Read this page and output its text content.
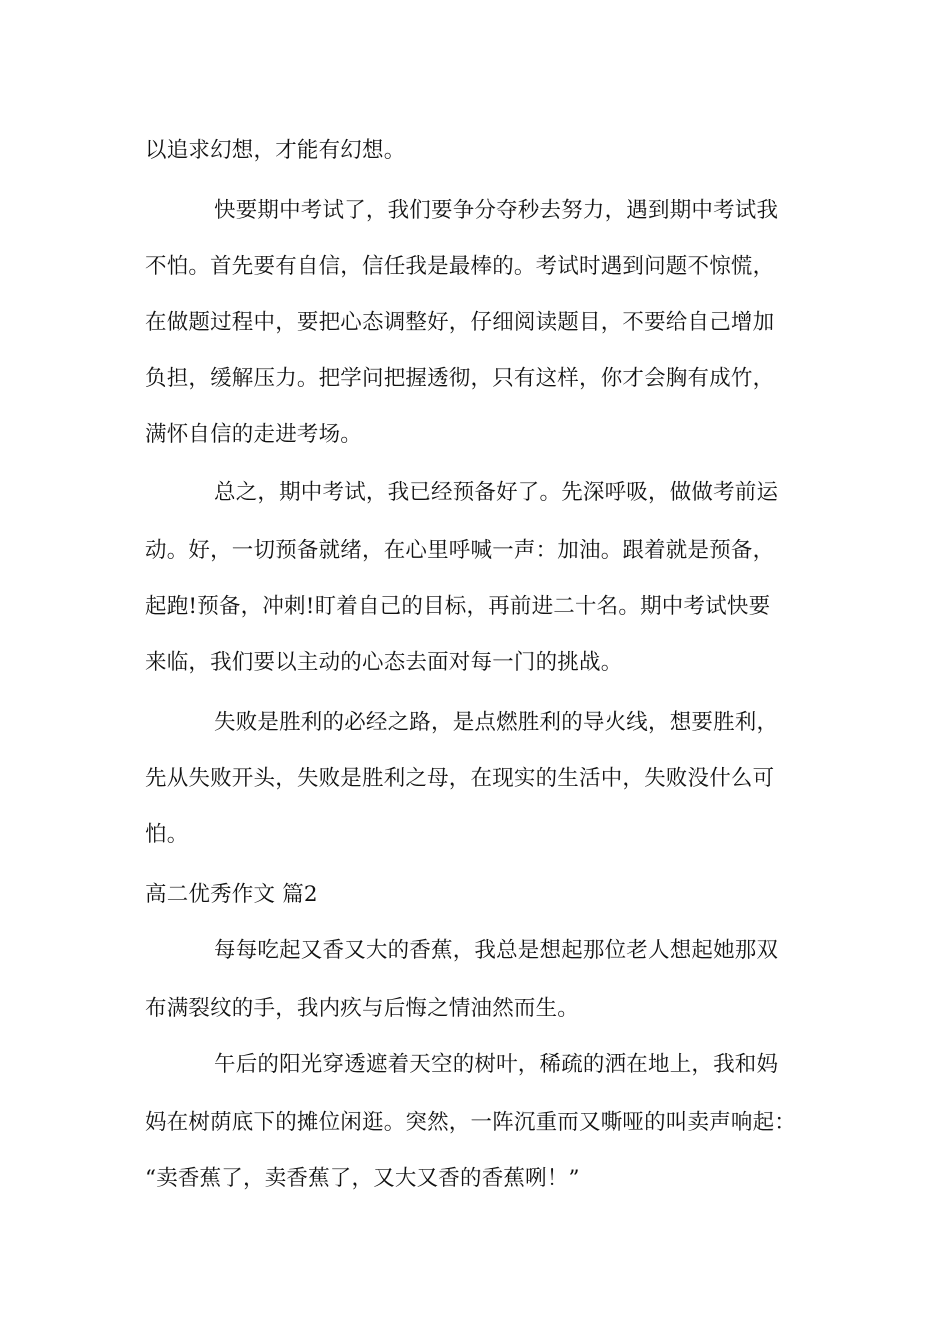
以追求幻想，才能有幻想。
快要期中考试了，我们要争分夺秒去努力，遇到期中考试我
不怕。首先要有自信，信任我是最棒的。考试时遇到问题不惊慌，
在做题过程中，要把心态调整好，仔细阅读题目，不要给自己增加
负担，缓解压力。把学问把握透彻，只有这样，你才会胸有成竹，
满怀自信的走进考场。
总之，期中考试，我已经预备好了。先深呼吸，做做考前运
动。好，一切预备就绪，在心里呼喊一声：加油。跟着就是预备，
起跑!预备，冲刺!盯着自己的目标，再前进二十名。期中考试快要
来临，我们要以主动的心态去面对每一门的挑战。
失败是胜利的必经之路，是点燃胜利的导火线，想要胜利，
先从失败开头，失败是胜利之母，在现实的生活中，失败没什么可
怕。
高二优秀作文 篇2
每每吃起又香又大的香蕉，我总是想起那位老人想起她那双
布满裂纹的手，我内疚与后悔之情油然而生。
午后的阳光穿透遮着天空的树叶，稀疏的洒在地上，我和妈
妈在树荫底下的摊位闲逛。突然，一阵沉重而又嘶哑的叫卖声响起：
“卖香蕉了，卖香蕉了，又大又香的香蕉咧！”
